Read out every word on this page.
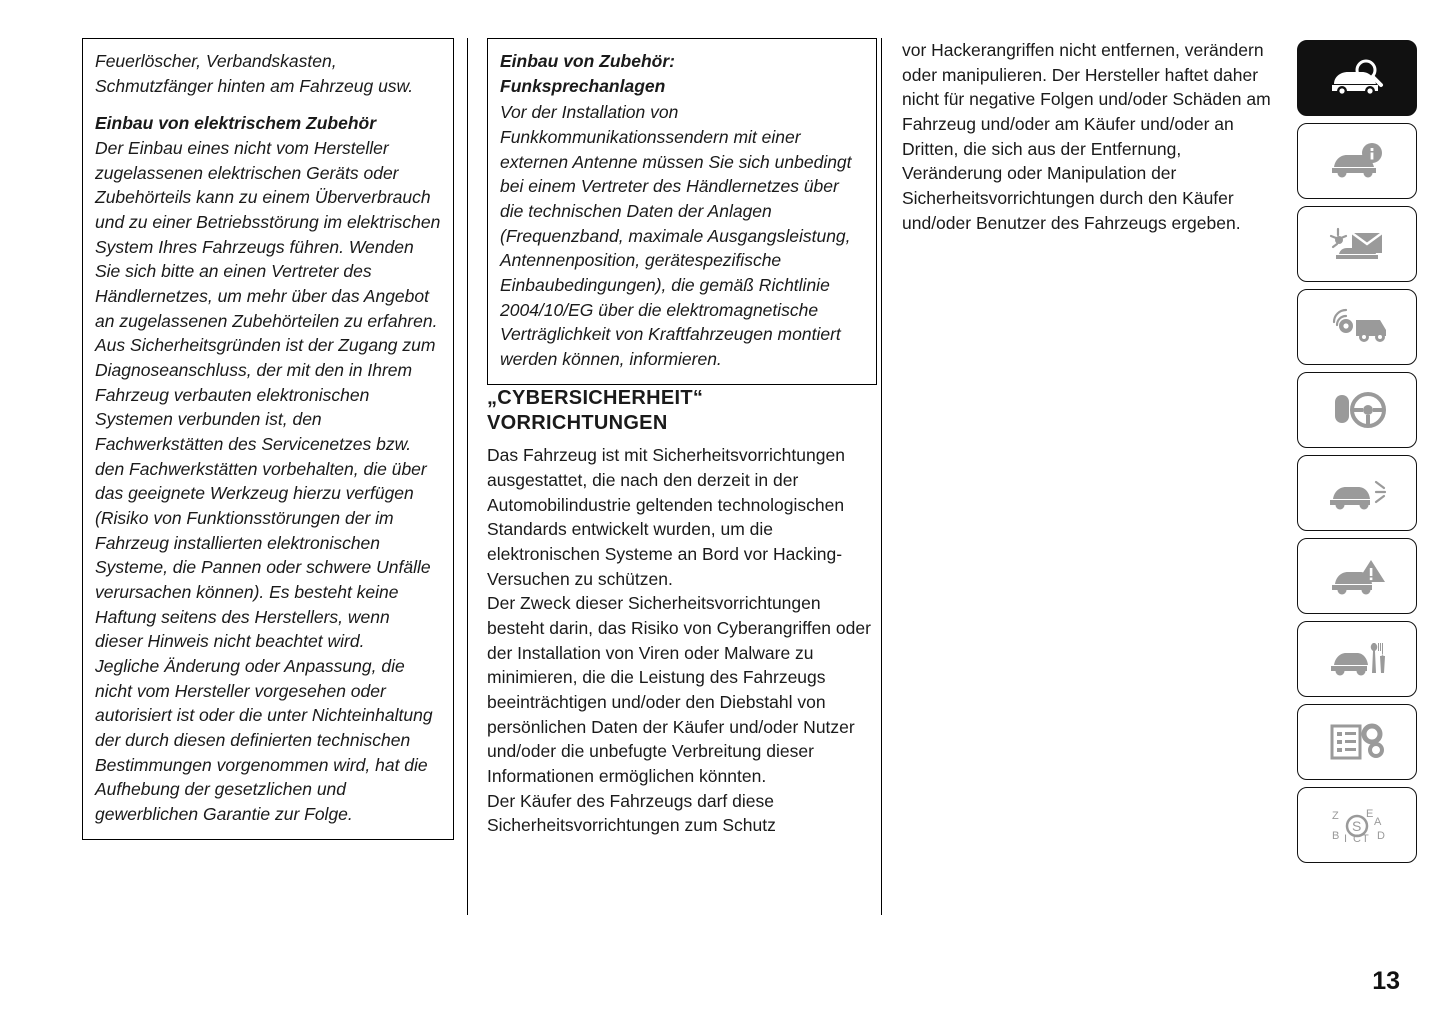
Feuerlöscher, Verbandskasten, Schmutzfänger hinten am Fahrzeug usw.

Einbau von elektrischem Zubehör

Der Einbau eines nicht vom Hersteller zugelassenen elektrischen Geräts oder Zubehörteils kann zu einem Überverbrauch und zu einer Betriebsstörung im elektrischen System Ihres Fahrzeugs führen. Wenden Sie sich bitte an einen Vertreter des Händlernetzes, um mehr über das Angebot an zugelassenen Zubehörteilen zu erfahren.

Aus Sicherheitsgründen ist der Zugang zum Diagnoseanschluss, der mit den in Ihrem Fahrzeug verbauten elektronischen Systemen verbunden ist, den Fachwerkstätten des Servicenetzes bzw. den Fachwerkstätten vorbehalten, die über das geeignete Werkzeug hierzu verfügen (Risiko von Funktionsstörungen der im Fahrzeug installierten elektronischen Systeme, die Pannen oder schwere Unfälle verursachen können). Es besteht keine Haftung seitens des Herstellers, wenn dieser Hinweis nicht beachtet wird.

Jegliche Änderung oder Anpassung, die nicht vom Hersteller vorgesehen oder autorisiert ist oder die unter Nichteinhaltung der durch diesen definierten technischen Bestimmungen vorgenommen wird, hat die Aufhebung der gesetzlichen und gewerblichen Garantie zur Folge.

Einbau von Zubehör:

Funksprechanlagen

Vor der Installation von Funkkommunikationssendern mit einer externen Antenne müssen Sie sich unbedingt bei einem Vertreter des Händlernetzes über die technischen Daten der Anlagen (Frequenzband, maximale Ausgangsleistung, Antennenposition, gerätespezifische Einbaubedingungen), die gemäß Richtlinie 2004/10/EG über die elektromagnetische Verträglichkeit von Kraftfahrzeugen montiert werden können, informieren.

„CYBERSICHERHEIT“

VORRICHTUNGEN

Das Fahrzeug ist mit Sicherheitsvorrichtungen ausgestattet, die nach den derzeit in der Automobilindustrie geltenden technologischen Standards entwickelt wurden, um die elektronischen Systeme an Bord vor Hacking-Versuchen zu schützen.

Der Zweck dieser Sicherheitsvorrichtungen besteht darin, das Risiko von Cyberangriffen oder der Installation von Viren oder Malware zu minimieren, die die Leistung des Fahrzeugs beeinträchtigen und/oder den Diebstahl von persönlichen Daten der Käufer und/oder Nutzer und/oder die unbefugte Verbreitung dieser Informationen ermöglichen könnten.

Der Käufer des Fahrzeugs darf diese Sicherheitsvorrichtungen zum Schutz

vor Hackerangriffen nicht entfernen, verändern oder manipulieren. Der Hersteller haftet daher nicht für negative Folgen und/oder Schäden am Fahrzeug und/oder am Käufer und/oder an Dritten, die sich aus der Entfernung, Veränderung oder Manipulation der Sicherheitsvorrichtungen durch den Käufer und/oder Benutzer des Fahrzeugs ergeben.

Z E
B I C T
A
D
S
13
